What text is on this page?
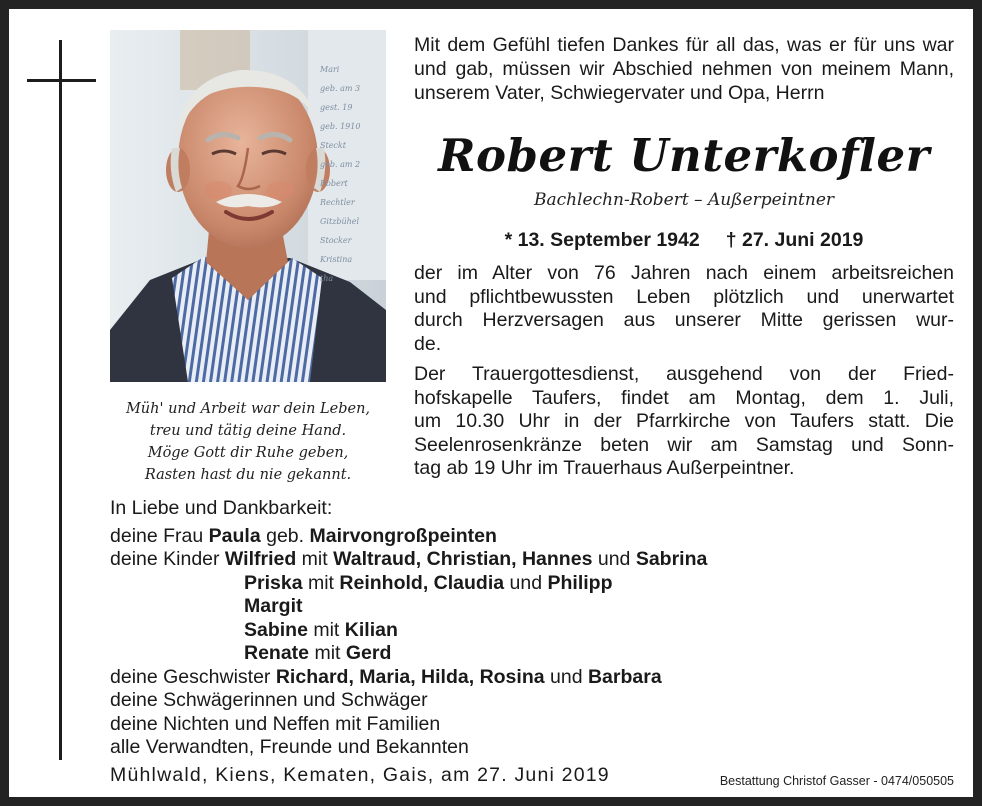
Mari
geb. am 3
gest. 19
geb. 1910
Steckt
geb. am 2
Robert
Rechtler
Gitzbühel
Stocker
Kristina
tha
Müh' und Arbeit war dein Leben,
treu und tätig deine Hand.
Möge Gott dir Ruhe geben,
Rasten hast du nie gekannt.
Mit dem Gefühl tiefen Dankes für all das, was er für uns war und gab, müssen wir Abschied nehmen von meinem Mann, unserem Vater, Schwiegervater und Opa, Herrn
Robert Unterkofler
Bachlechn-Robert – Außerpeintner
* 13. September 1942 † 27. Juni 2019
der im Alter von 76 Jahren nach einem arbeitsreichen
und pflichtbewussten Leben plötzlich und unerwartet
durch Herzversagen aus unserer Mitte gerissen wur-
de.
Der Trauergottesdienst, ausgehend von der Fried-
hofskapelle Taufers, findet am Montag, dem 1. Juli,
um 10.30 Uhr in der Pfarrkirche von Taufers statt. Die
Seelenrosenkränze beten wir am Samstag und Sonn-
tag ab 19 Uhr im Trauerhaus Außerpeintner.
In Liebe und Dankbarkeit:
deine Frau Paula geb. Mairvongroßpeinten
deine Kinder Wilfried mit Waltraud, Christian, Hannes und Sabrina
Priska mit Reinhold, Claudia und Philipp
Margit
Sabine mit Kilian
Renate mit Gerd
deine Geschwister Richard, Maria, Hilda, Rosina und Barbara
deine Schwägerinnen und Schwäger
deine Nichten und Neffen mit Familien
alle Verwandten, Freunde und Bekannten
Mühlwald, Kiens, Kematen, Gais, am 27. Juni 2019	Bestattung Christof Gasser - 0474/050505
